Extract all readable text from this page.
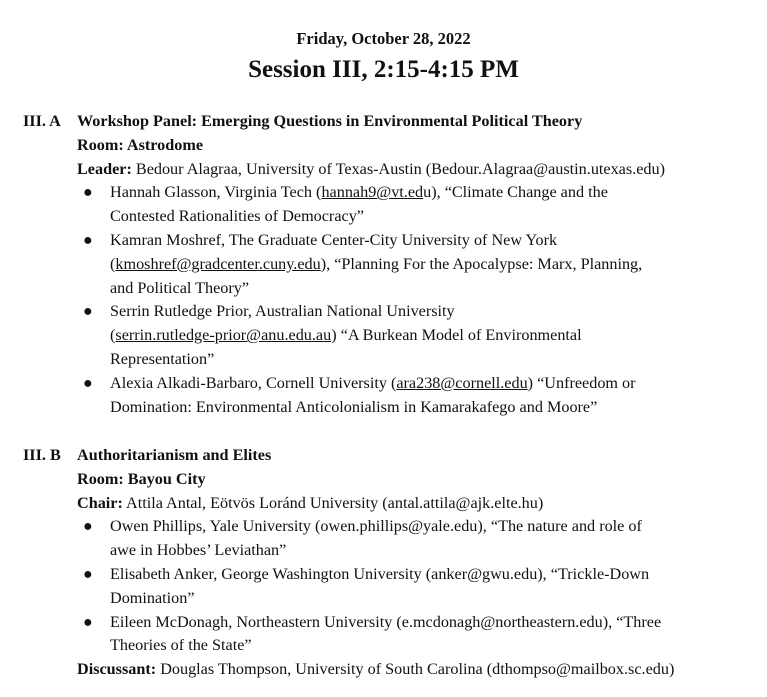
Friday, October 28, 2022
Session III, 2:15-4:15 PM
III. A Workshop Panel: Emerging Questions in Environmental Political Theory
Room: Astrodome
Leader: Bedour Alagraa, University of Texas-Austin (Bedour.Alagraa@austin.utexas.edu)
● Hannah Glasson, Virginia Tech (hannah9@vt.edu), “Climate Change and the
Contested Rationalities of Democracy”
● Kamran Moshref, The Graduate Center-City University of New York
(kmoshref@gradcenter.cuny.edu), “Planning For the Apocalypse: Marx, Planning,
and Political Theory”
● Serrin Rutledge Prior, Australian National University
(serrin.rutledge-prior@anu.edu.au) “A Burkean Model of Environmental
Representation”
● Alexia Alkadi-Barbaro, Cornell University (ara238@cornell.edu) “Unfreedom or
Domination: Environmental Anticolonialism in Kamarakafego and Moore”
III. B Authoritarianism and Elites
Room: Bayou City
Chair: Attila Antal, Eötvös Loránd University (antal.attila@ajk.elte.hu)
● Owen Phillips, Yale University (owen.phillips@yale.edu), “The nature and role of
awe in Hobbes’ Leviathan”
● Elisabeth Anker, George Washington University (anker@gwu.edu), “Trickle-Down
Domination”
● Eileen McDonagh, Northeastern University (e.mcdonagh@northeastern.edu), “Three
Theories of the State”
Discussant: Douglas Thompson, University of South Carolina (dthompso@mailbox.sc.edu)
